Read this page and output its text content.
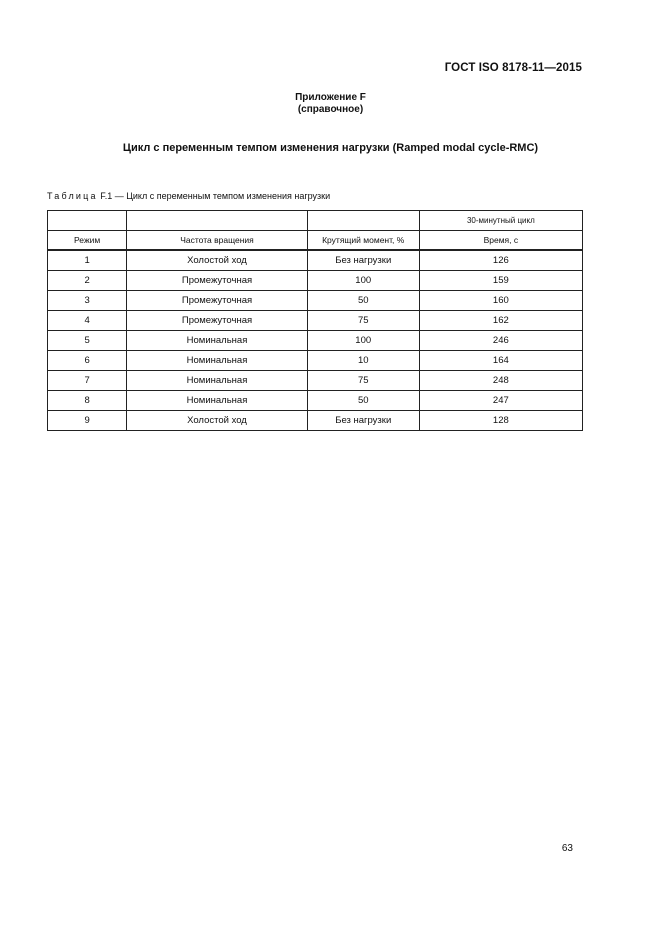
ГОСТ ISO 8178-11—2015
Приложение F
(справочное)
Цикл с переменным темпом изменения нагрузки (Ramped modal cycle-RMC)
Таблица F.1 — Цикл с переменным темпом изменения нагрузки
			30-минутный цикл
Режим	Частота вращения	Крутящий момент, %	Время, с
1	Холостой ход	Без нагрузки	126
2	Промежуточная	100	159
3	Промежуточная	50	160
4	Промежуточная	75	162
5	Номинальная	100	246
6	Номинальная	10	164
7	Номинальная	75	248
8	Номинальная	50	247
9	Холостой ход	Без нагрузки	128
63
